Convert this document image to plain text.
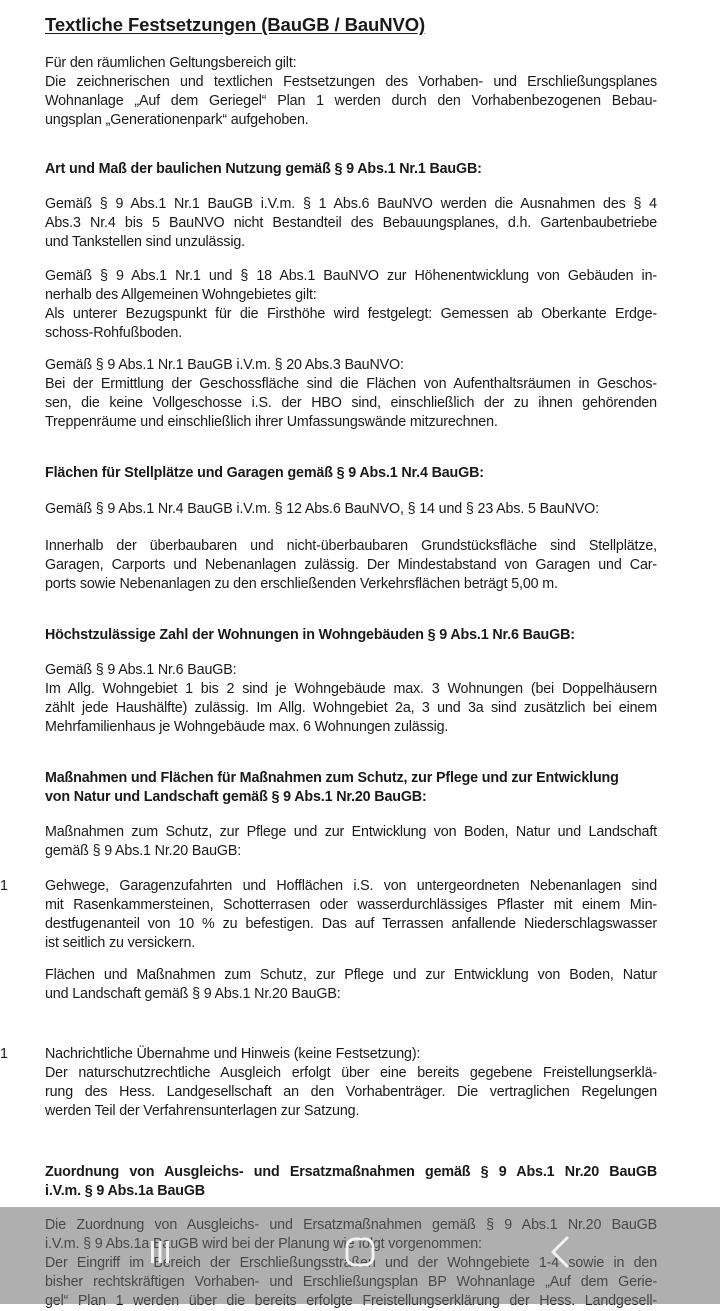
Textliche Festsetzungen (BauGB / BauNVO)
Für den räumlichen Geltungsbereich gilt:
Die zeichnerischen und textlichen Festsetzungen des Vorhaben- und Erschließungsplanes
Wohnanlage „Auf dem Geriegel“ Plan 1 werden durch den Vorhabenbezogenen Bebau-
ungsplan „Generationenpark“ aufgehoben.
Art und Maß der baulichen Nutzung gemäß § 9 Abs.1 Nr.1 BauGB:
Gemäß § 9 Abs.1 Nr.1 BauGB i.V.m. § 1 Abs.6 BauNVO werden die Ausnahmen des § 4
Abs.3 Nr.4 bis 5 BauNVO nicht Bestandteil des Bebauungsplanes, d.h. Gartenbaubetriebe
und Tankstellen sind unzulässig.
Gemäß § 9 Abs.1 Nr.1 und § 18 Abs.1 BauNVO zur Höhenentwicklung von Gebäuden in-
nerhalb des Allgemeinen Wohngebietes gilt:
Als unterer Bezugspunkt für die Firsthöhe wird festgelegt: Gemessen ab Oberkante Erdge-
schoss-Rohfußboden.
Gemäß § 9 Abs.1 Nr.1 BauGB i.V.m. § 20 Abs.3 BauNVO:
Bei der Ermittlung der Geschossfläche sind die Flächen von Aufenthaltsräumen in Geschos-
sen, die keine Vollgeschosse i.S. der HBO sind, einschließlich der zu ihnen gehörenden
Treppenräume und einschließlich ihrer Umfassungswände mitzurechnen.
Flächen für Stellplätze und Garagen gemäß § 9 Abs.1 Nr.4 BauGB:
Gemäß § 9 Abs.1 Nr.4 BauGB i.V.m. § 12 Abs.6 BauNVO, § 14 und § 23 Abs. 5 BauNVO:
Innerhalb der überbaubaren und nicht-überbaubaren Grundstücksfläche sind Stellplätze,
Garagen, Carports und Nebenanlagen zulässig. Der Mindestabstand von Garagen und Car-
ports sowie Nebenanlagen zu den erschließenden Verkehrsflächen beträgt 5,00 m.
Höchstzulässige Zahl der Wohnungen in Wohngebäuden § 9 Abs.1 Nr.6 BauGB:
Gemäß § 9 Abs.1 Nr.6 BauGB:
Im Allg. Wohngebiet 1 bis 2 sind je Wohngebäude max. 3 Wohnungen (bei Doppelhäusern
zählt jede Haushälfte) zulässig. Im Allg. Wohngebiet 2a, 3 und 3a sind zusätzlich bei einem
Mehrfamilienhaus je Wohngebäude max. 6 Wohnungen zulässig.
Maßnahmen und Flächen für Maßnahmen zum Schutz, zur Pflege und zur Entwicklung
von Natur und Landschaft gemäß § 9 Abs.1 Nr.20 BauGB:
Maßnahmen zum Schutz, zur Pflege und zur Entwicklung von Boden, Natur und Landschaft
gemäß § 9 Abs.1 Nr.20 BauGB:
1	Gehwege, Garagenzufahrten und Hofflächen i.S. von untergeordneten Nebenanlagen sind
mit Rasenkammersteinen, Schotterrasen oder wasserdurchlässiges Pflaster mit einem Min-
destfugenanteil von 10 % zu befestigen. Das auf Terrassen anfallende Niederschlagswasser
ist seitlich zu versickern.
Flächen und Maßnahmen zum Schutz, zur Pflege und zur Entwicklung von Boden, Natur
und Landschaft gemäß § 9 Abs.1 Nr.20 BauGB:
1	Nachrichtliche Übernahme und Hinweis (keine Festsetzung):
Der naturschutzrechtliche Ausgleich erfolgt über eine bereits gegebene Freistellungserklä-
rung des Hess. Landgesellschaft an den Vorhabenträger. Die vertraglichen Regelungen
werden Teil der Verfahrensunterlagen zur Satzung.
Zuordnung von Ausgleichs- und Ersatzmaßnahmen gemäß § 9 Abs.1 Nr.20 BauGB
i.V.m. § 9 Abs.1a BauGB
